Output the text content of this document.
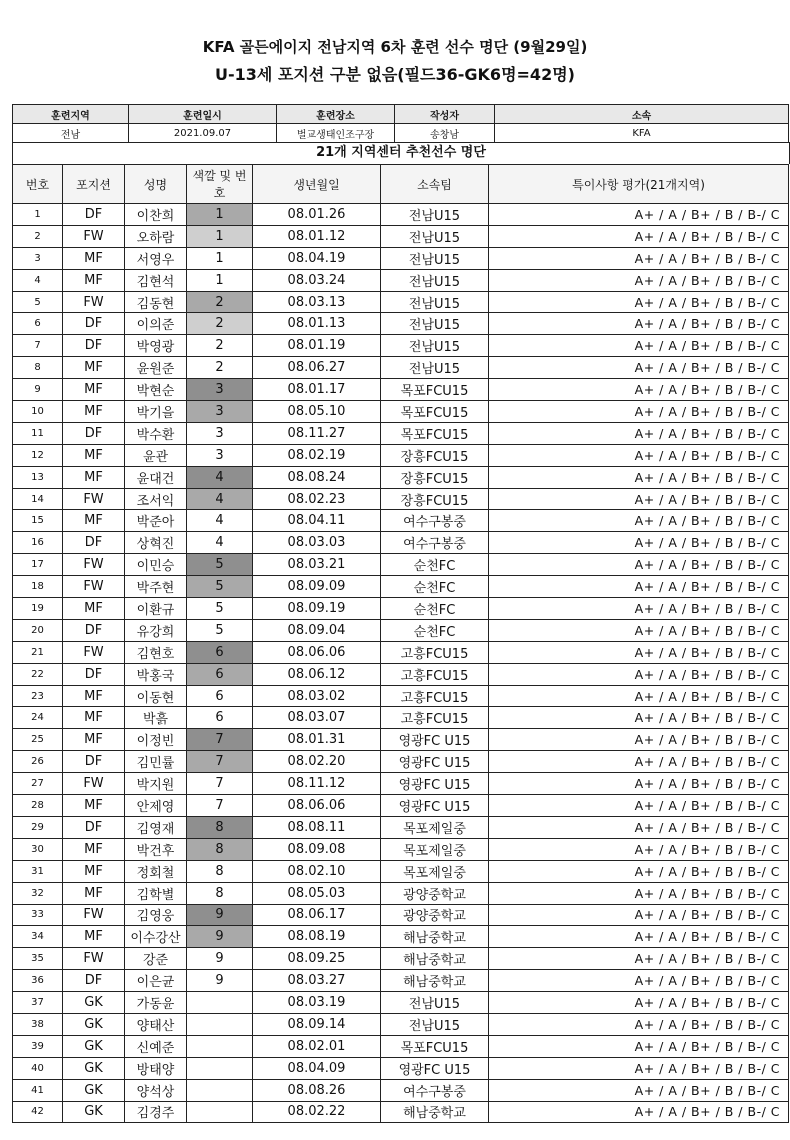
KFA 골든에이지 전남지역 6차 훈련 선수 명단 (9월29일)
U-13세 포지션 구분 없음(필드36-GK6명=42명)
훈련지역	훈련일시	훈련장소	작성자	소속
전남	2021.09.07	벌교생태인조구장	송창남	KFA
21개 지역센터 추천선수 명단
번호	포지션	성명	색깔 및 번호	생년월일	소속팀	특이사항 평가(21개지역)
1	DF	이찬희	1	08.01.26	전남U15	A+ / A / B+ / B / B-/ C
2	FW	오하람	1	08.01.12	전남U15	A+ / A / B+ / B / B-/ C
3	MF	서영우	1	08.04.19	전남U15	A+ / A / B+ / B / B-/ C
4	MF	김현석	1	08.03.24	전남U15	A+ / A / B+ / B / B-/ C
5	FW	김동현	2	08.03.13	전남U15	A+ / A / B+ / B / B-/ C
6	DF	이의준	2	08.01.13	전남U15	A+ / A / B+ / B / B-/ C
7	DF	박영광	2	08.01.19	전남U15	A+ / A / B+ / B / B-/ C
8	MF	윤원준	2	08.06.27	전남U15	A+ / A / B+ / B / B-/ C
9	MF	박현순	3	08.01.17	목포FCU15	A+ / A / B+ / B / B-/ C
10	MF	박기을	3	08.05.10	목포FCU15	A+ / A / B+ / B / B-/ C
11	DF	박수환	3	08.11.27	목포FCU15	A+ / A / B+ / B / B-/ C
12	MF	윤관	3	08.02.19	장흥FCU15	A+ / A / B+ / B / B-/ C
13	MF	윤대건	4	08.08.24	장흥FCU15	A+ / A / B+ / B / B-/ C
14	FW	조서익	4	08.02.23	장흥FCU15	A+ / A / B+ / B / B-/ C
15	MF	박준아	4	08.04.11	여수구봉중	A+ / A / B+ / B / B-/ C
16	DF	상혁진	4	08.03.03	여수구봉중	A+ / A / B+ / B / B-/ C
17	FW	이민승	5	08.03.21	순천FC	A+ / A / B+ / B / B-/ C
18	FW	박주현	5	08.09.09	순천FC	A+ / A / B+ / B / B-/ C
19	MF	이환규	5	08.09.19	순천FC	A+ / A / B+ / B / B-/ C
20	DF	유강희	5	08.09.04	순천FC	A+ / A / B+ / B / B-/ C
21	FW	김현호	6	08.06.06	고흥FCU15	A+ / A / B+ / B / B-/ C
22	DF	박홍국	6	08.06.12	고흥FCU15	A+ / A / B+ / B / B-/ C
23	MF	이동현	6	08.03.02	고흥FCU15	A+ / A / B+ / B / B-/ C
24	MF	박흙	6	08.03.07	고흥FCU15	A+ / A / B+ / B / B-/ C
25	MF	이정빈	7	08.01.31	영광FC U15	A+ / A / B+ / B / B-/ C
26	DF	김민률	7	08.02.20	영광FC U15	A+ / A / B+ / B / B-/ C
27	FW	박지원	7	08.11.12	영광FC U15	A+ / A / B+ / B / B-/ C
28	MF	안제영	7	08.06.06	영광FC U15	A+ / A / B+ / B / B-/ C
29	DF	김영재	8	08.08.11	목포제일중	A+ / A / B+ / B / B-/ C
30	MF	박건후	8	08.09.08	목포제일중	A+ / A / B+ / B / B-/ C
31	MF	정회철	8	08.02.10	목포제일중	A+ / A / B+ / B / B-/ C
32	MF	김학별	8	08.05.03	광양중학교	A+ / A / B+ / B / B-/ C
33	FW	김영웅	9	08.06.17	광양중학교	A+ / A / B+ / B / B-/ C
34	MF	이수강산	9	08.08.19	해남중학교	A+ / A / B+ / B / B-/ C
35	FW	강준	9	08.09.25	해남중학교	A+ / A / B+ / B / B-/ C
36	DF	이은균	9	08.03.27	해남중학교	A+ / A / B+ / B / B-/ C
37	GK	가동윤		08.03.19	전남U15	A+ / A / B+ / B / B-/ C
38	GK	양태산		08.09.14	전남U15	A+ / A / B+ / B / B-/ C
39	GK	신예준		08.02.01	목포FCU15	A+ / A / B+ / B / B-/ C
40	GK	방태양		08.04.09	영광FC U15	A+ / A / B+ / B / B-/ C
41	GK	양석상		08.08.26	여수구봉중	A+ / A / B+ / B / B-/ C
42	GK	김경주		08.02.22	해남중학교	A+ / A / B+ / B / B-/ C
